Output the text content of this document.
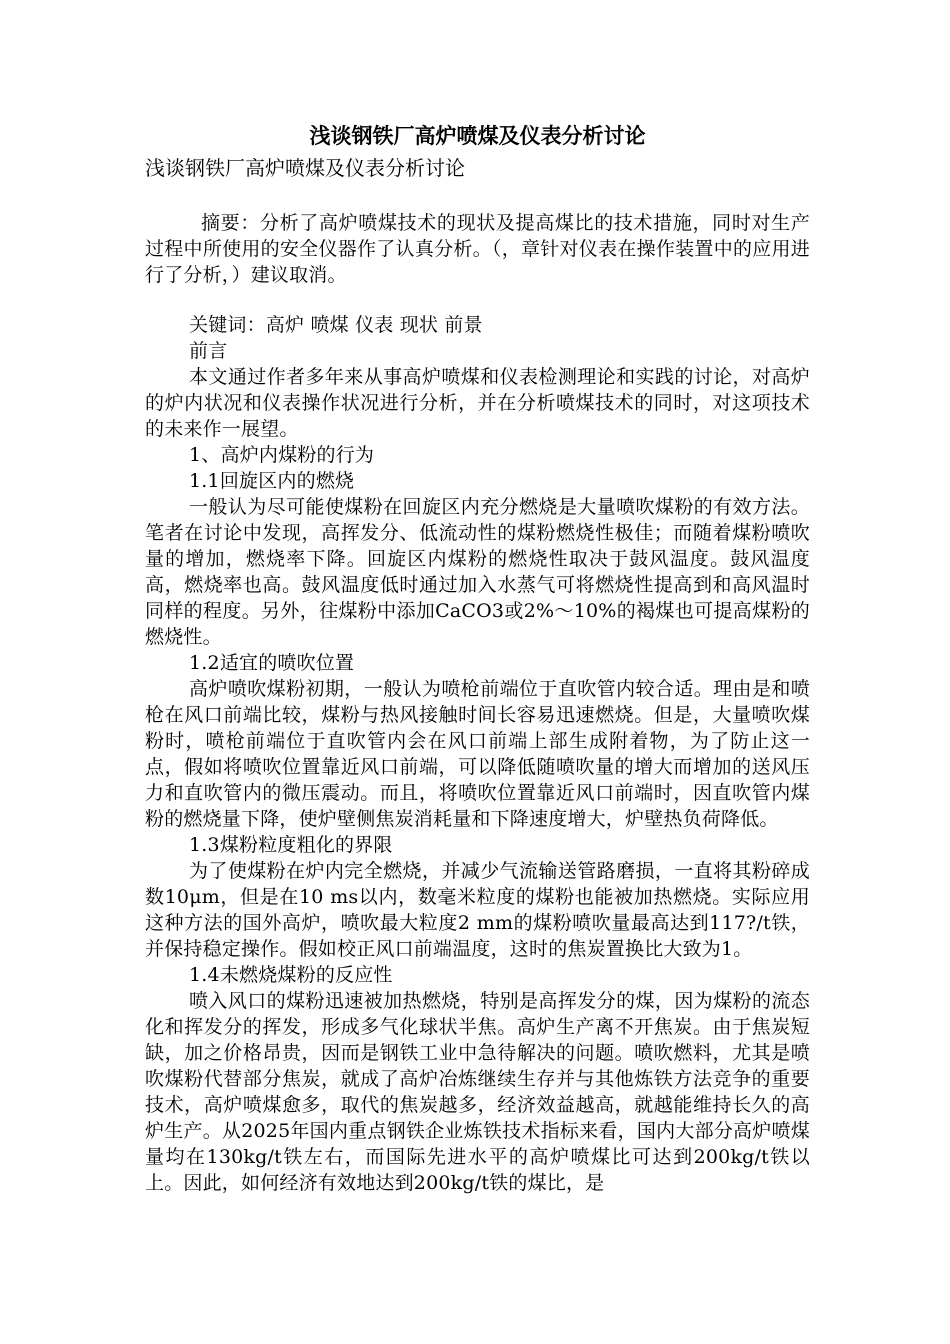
浅谈钢铁厂高炉喷煤及仪表分析讨论
浅谈钢铁厂高炉喷煤及仪表分析讨论

摘要：分析了高炉喷煤技术的现状及提高煤比的技术措施，同时对生产过程中所使用的安全仪器作了认真分析。（，章针对仪表在操作装置中的应用进行了分析，）建议取消。

关键词：高炉 喷煤 仪表 现状 前景

前言

本文通过作者多年来从事高炉喷煤和仪表检测理论和实践的讨论，对高炉的炉内状况和仪表操作状况进行分析，并在分析喷煤技术的同时，对这项技术的未来作一展望。

1、高炉内煤粉的行为

1.1回旋区内的燃烧

一般认为尽可能使煤粉在回旋区内充分燃烧是大量喷吹煤粉的有效方法。笔者在讨论中发现，高挥发分、低流动性的煤粉燃烧性极佳；而随着煤粉喷吹量的增加，燃烧率下降。回旋区内煤粉的燃烧性取决于鼓风温度。鼓风温度高，燃烧率也高。鼓风温度低时通过加入水蒸气可将燃烧性提高到和高风温时同样的程度。另外，往煤粉中添加CaCO3或2%～10%的褐煤也可提高煤粉的燃烧性。

1.2适宜的喷吹位置

高炉喷吹煤粉初期，一般认为喷枪前端位于直吹管内较合适。理由是和喷枪在风口前端比较，煤粉与热风接触时间长容易迅速燃烧。但是，大量喷吹煤粉时，喷枪前端位于直吹管内会在风口前端上部生成附着物，为了防止这一点，假如将喷吹位置靠近风口前端，可以降低随喷吹量的增大而增加的送风压力和直吹管内的微压震动。而且，将喷吹位置靠近风口前端时，因直吹管内煤粉的燃烧量下降，使炉壁侧焦炭消耗量和下降速度增大，炉壁热负荷降低。

1.3煤粉粒度粗化的界限

为了使煤粉在炉内完全燃烧，并减少气流输送管路磨损，一直将其粉碎成数10μm，但是在10 ms以内，数毫米粒度的煤粉也能被加热燃烧。实际应用这种方法的国外高炉，喷吹最大粒度2 mm的煤粉喷吹量最高达到117?/t铁，并保持稳定操作。假如校正风口前端温度，这时的焦炭置换比大致为1。

1.4未燃烧煤粉的反应性

喷入风口的煤粉迅速被加热燃烧，特别是高挥发分的煤，因为煤粉的流态化和挥发分的挥发，形成多气化球状半焦。高炉生产离不开焦炭。由于焦炭短缺，加之价格昂贵，因而是钢铁工业中急待解决的问题。喷吹燃料，尤其是喷吹煤粉代替部分焦炭，就成了高炉冶炼继续生存并与其他炼铁方法竞争的重要技术，高炉喷煤愈多，取代的焦炭越多，经济效益越高，就越能维持长久的高炉生产。从2025年国内重点钢铁企业炼铁技术指标来看，国内大部分高炉喷煤量均在130kg/t铁左右，而国际先进水平的高炉喷煤比可达到200kg/t铁以上。因此，如何经济有效地达到200kg/t铁的煤比，是
